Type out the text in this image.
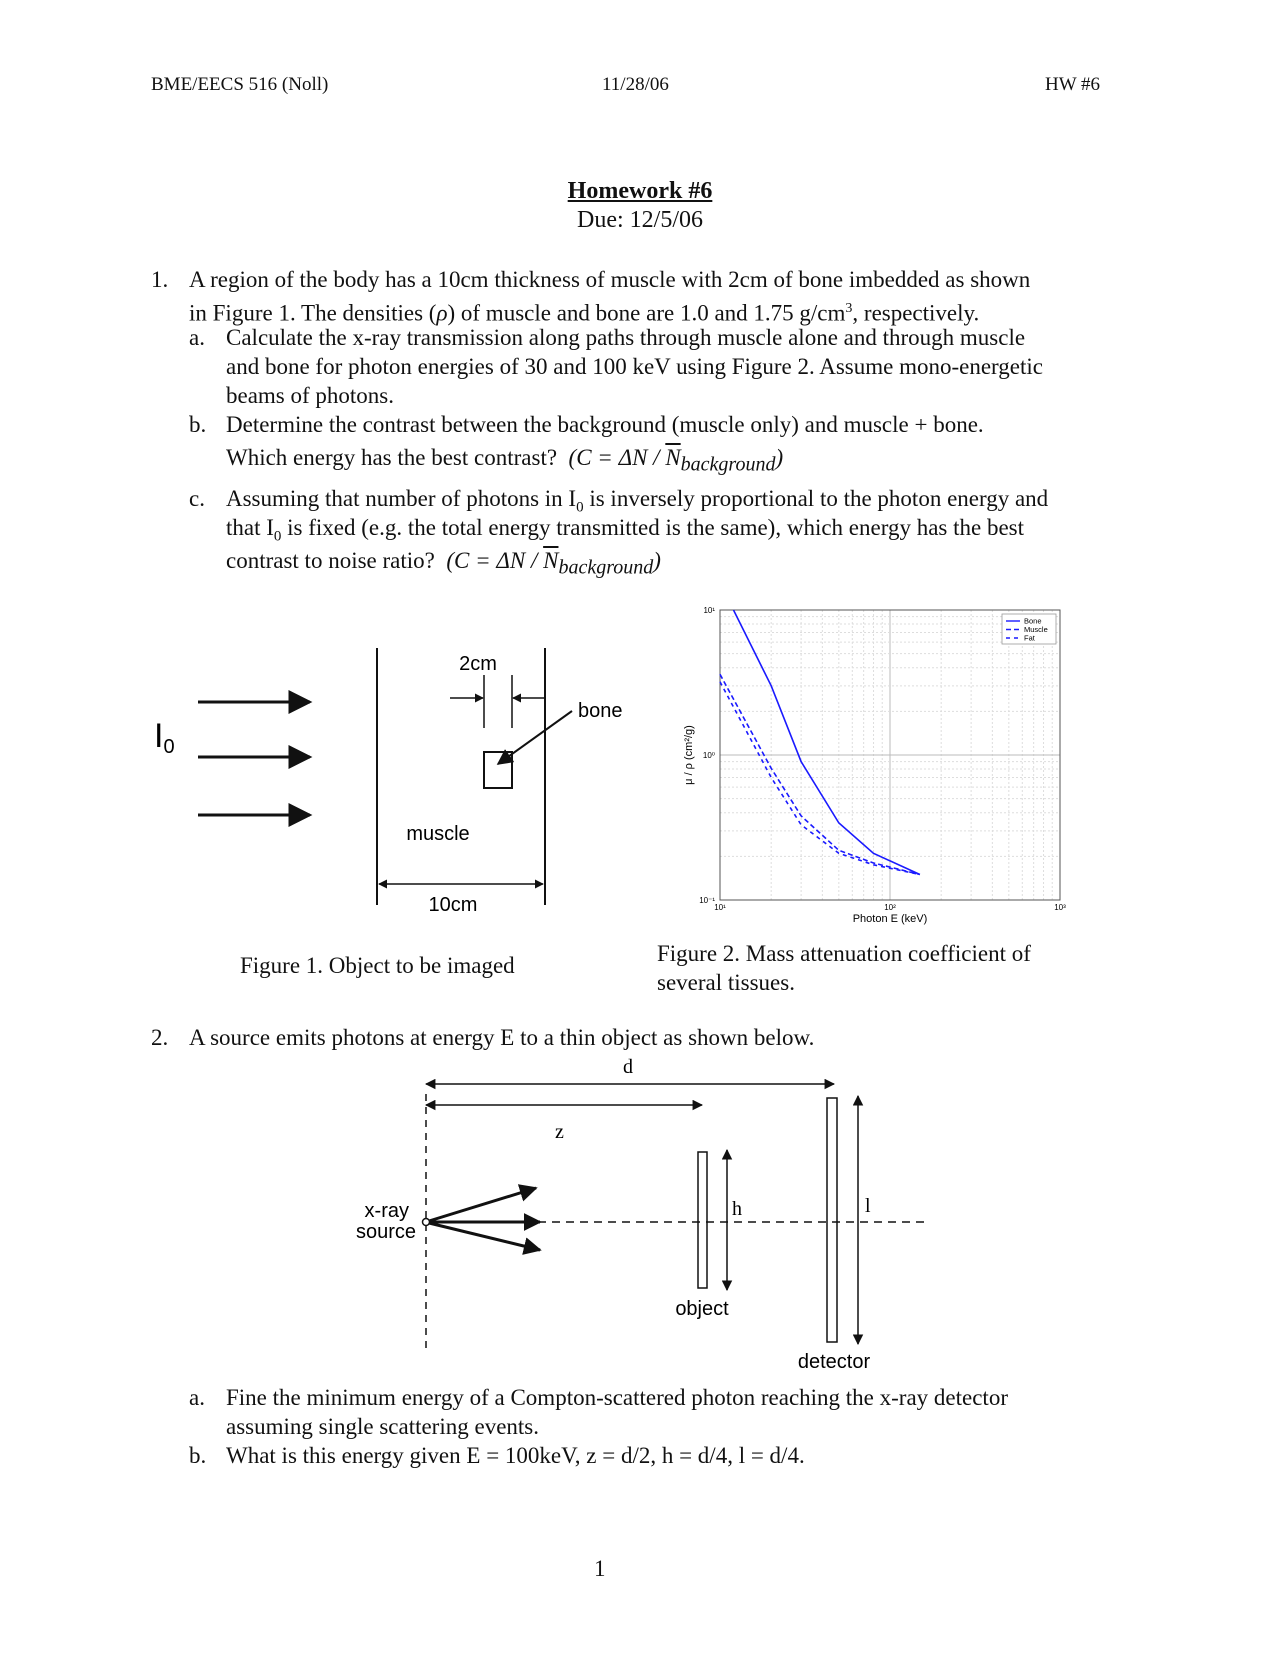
BME/EECS 516 (Noll)	11/28/06	HW #6
Homework #6
Due: 12/5/06
1. A region of the body has a 10cm thickness of muscle with 2cm of bone imbedded as shown
in Figure 1. The densities (ρ) of muscle and bone are 1.0 and 1.75 $g/cm^3$, respectively.
a. Calculate the x-ray transmission along paths through muscle alone and through muscle
and bone for photon energies of 30 and 100 keV using Figure 2. Assume mono-energetic
beams of photons.
b. Determine the contrast between the background (muscle only) and muscle + bone.
Which energy has the best contrast? $(C = \Delta N / \overline{N}_{background})$
c. Assuming that number of photons in $I_0$ is inversely proportional to the photon energy and
that $I_0$ is fixed (e.g. the total energy transmitted is the same), which energy has the best
contrast to noise ratio? $(C = \Delta N / \overline{N}_{background})$
I0
2cm
bone
muscle
10cm
Figure 1. Object to be imaged
10¹	10²	10³
10¹
10⁰
10⁻¹
Bone
Muscle
Fat
Photon E (keV)
μ / ρ (cm²/g)
Figure 2. Mass attenuation coefficient of
several tissues.
2. A source emits photons at energy E to a thin object as shown below.
d
z
x-ray
source
h
object
l
detector
a. Fine the minimum energy of a Compton-scattered photon reaching the x-ray detector
assuming single scattering events.
b. What is this energy given E = 100keV, z = d/2, h = d/4, l = d/4.
1
